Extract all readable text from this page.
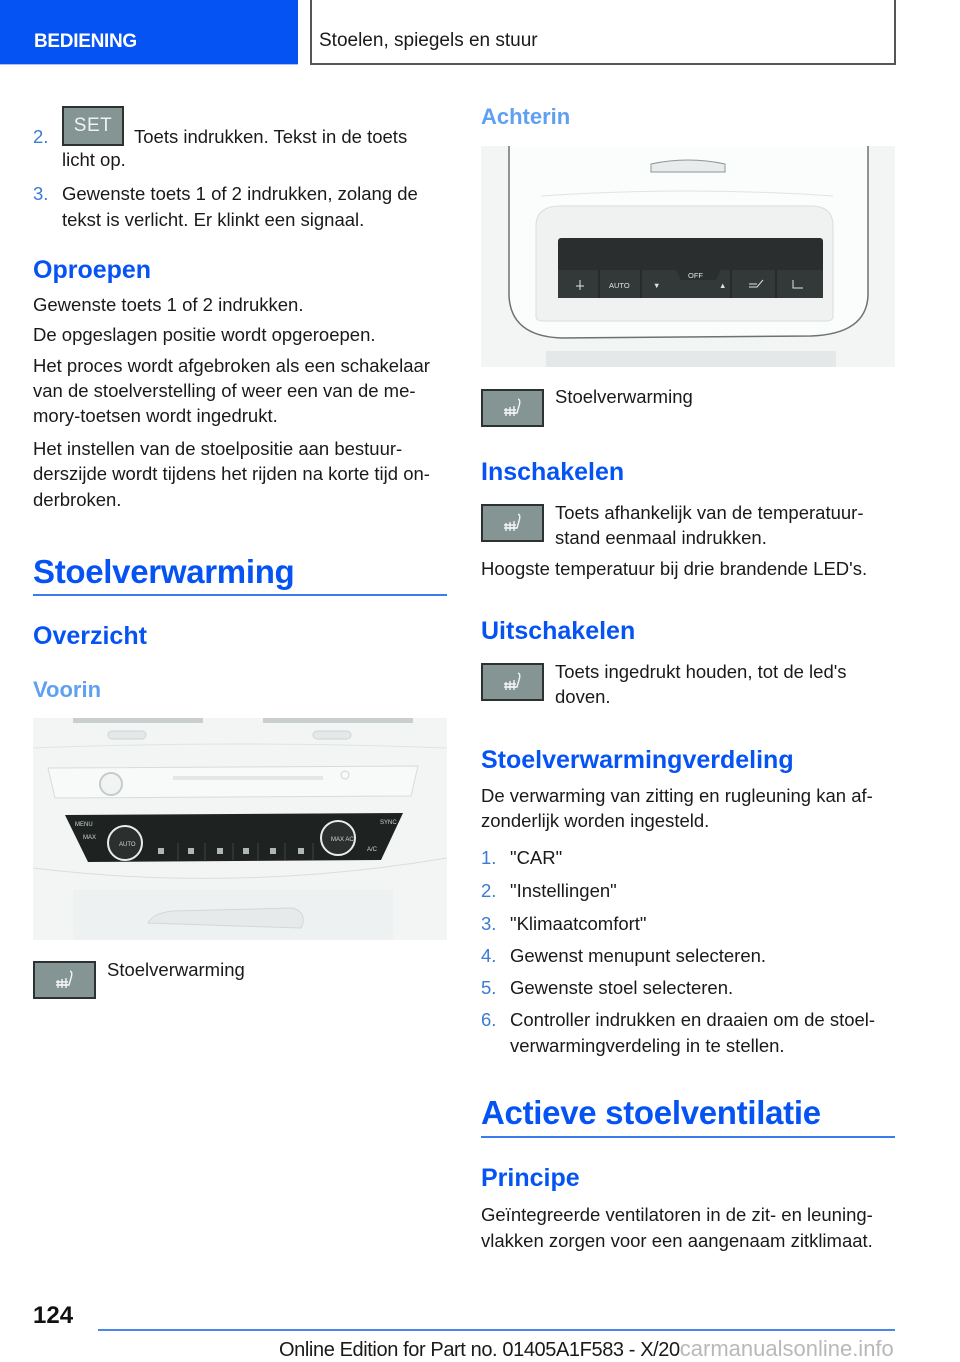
BEDIENING	Stoelen, spiegels en stuur
2.
SET
Toets indrukken. Tekst in de toets
licht op.
3. Gewenste toets 1 of 2 indrukken, zolang de
tekst is verlicht. Er klinkt een signaal.
Oproepen
Gewenste toets 1 of 2 indrukken.
De opgeslagen positie wordt opgeroepen.
Het proces wordt afgebroken als een schakelaar
van de stoelverstelling of weer een van de me-
mory-toetsen wordt ingedrukt.
Het instellen van de stoelpositie aan bestuur-
derszijde wordt tijdens het rijden na korte tijd on-
derbroken.
Stoelverwarming
Overzicht
Voorin
MENU
MAX
AUTO
SYNC
A/C
MAX AC
Stoelverwarming
Achterin
AUTO	▼
OFF
▲
Stoelverwarming
Inschakelen
Toets afhankelijk van de temperatuur-
stand eenmaal indrukken.
Hoogste temperatuur bij drie brandende LED's.
Uitschakelen
Toets ingedrukt houden, tot de led's
doven.
Stoelverwarmingverdeling
De verwarming van zitting en rugleuning kan af-
zonderlijk worden ingesteld.
1. "CAR"
2. "Instellingen"
3. "Klimaatcomfort"
4. Gewenst menupunt selecteren.
5. Gewenste stoel selecteren.
6. Controller indrukken en draaien om de stoel-
verwarmingverdeling in te stellen.
Actieve stoelventilatie
Principe
Geïntegreerde ventilatoren in de zit- en leuning-
vlakken zorgen voor een aangenaam zitklimaat.
124
Online Edition for Part no. 01405A1F583 - X/20carmanualsonline.info
